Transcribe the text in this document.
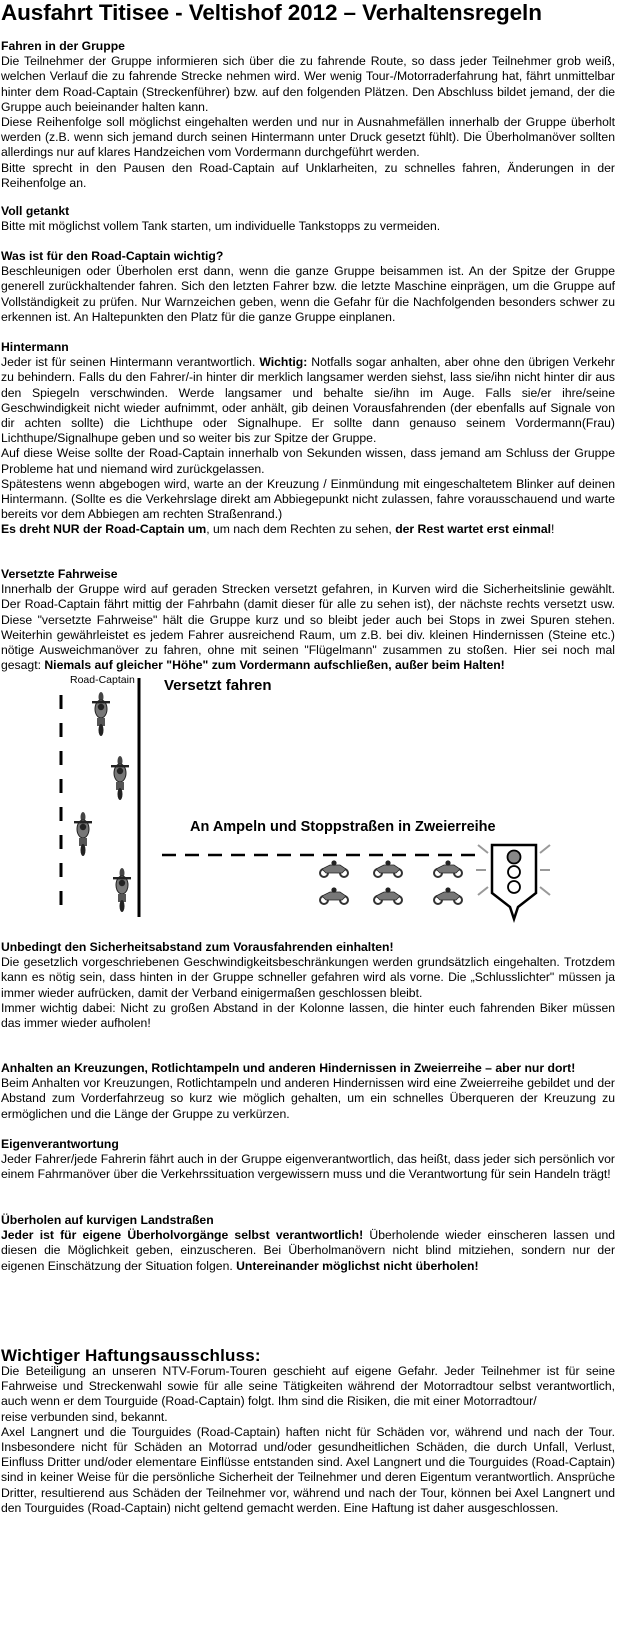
Ausfahrt Titisee - Veltishof 2012 – Verhaltensregeln
Fahren in der Gruppe

Die Teilnehmer der Gruppe informieren sich über die zu fahrende Route, so dass jeder Teilnehmer grob weiß, welchen Verlauf die zu fahrende Strecke nehmen wird. Wer wenig Tour-/Motorraderfahrung hat, fährt unmittelbar hinter dem Road-Captain (Streckenführer) bzw. auf den folgenden Plätzen. Den Abschluss bildet jemand, der die Gruppe auch beieinander halten kann.

Diese Reihenfolge soll möglichst eingehalten werden und nur in Ausnahmefällen innerhalb der Gruppe überholt werden (z.B. wenn sich jemand durch seinen Hintermann unter Druck gesetzt fühlt). Die Überholmanöver sollten allerdings nur auf klares Handzeichen vom Vordermann durchgeführt werden.

Bitte sprecht in den Pausen den Road-Captain auf Unklarheiten, zu schnelles fahren, Änderungen in der Reihenfolge an.

Voll getankt

Bitte mit möglichst vollem Tank starten, um individuelle Tankstopps zu vermeiden.

Was ist für den Road-Captain wichtig?

Beschleunigen oder Überholen erst dann, wenn die ganze Gruppe beisammen ist. An der Spitze der Gruppe generell zurückhaltender fahren. Sich den letzten Fahrer bzw. die letzte Maschine einprägen, um die Gruppe auf Vollständigkeit zu prüfen. Nur Warnzeichen geben, wenn die Gefahr für die Nachfolgenden besonders schwer zu erkennen ist. An Haltepunkten den Platz für die ganze Gruppe einplanen.

Hintermann

Jeder ist für seinen Hintermann verantwortlich. Wichtig: Notfalls sogar anhalten, aber ohne den übrigen Verkehr zu behindern. Falls du den Fahrer/-in hinter dir merklich langsamer werden siehst, lass sie/ihn nicht hinter dir aus den Spiegeln verschwinden. Werde langsamer und behalte sie/ihn im Auge. Falls sie/er ihre/seine Geschwindigkeit nicht wieder aufnimmt, oder anhält, gib deinen Vorausfahrenden (der ebenfalls auf Signale von dir achten sollte) die Lichthupe oder Signalhupe. Er sollte dann genauso seinem Vordermann(Frau) Lichthupe/Signalhupe geben und so weiter bis zur Spitze der Gruppe.

Auf diese Weise sollte der Road-Captain innerhalb von Sekunden wissen, dass jemand am Schluss der Gruppe Probleme hat und niemand wird zurückgelassen.

Spätestens wenn abgebogen wird, warte an der Kreuzung / Einmündung mit eingeschaltetem Blinker auf deinen Hintermann. (Sollte es die Verkehrslage direkt am Abbiegepunkt nicht zulassen, fahre vorausschauend und warte bereits vor dem Abbiegen am rechten Straßenrand.)

Es dreht NUR der Road-Captain um, um nach dem Rechten zu sehen, der Rest wartet erst einmal!

Versetzte Fahrweise

Innerhalb der Gruppe wird auf geraden Strecken versetzt gefahren, in Kurven wird die Sicherheitslinie gewählt. Der Road-Captain fährt mittig der Fahrbahn (damit dieser für alle zu sehen ist), der nächste rechts versetzt usw. Diese "versetzte Fahrweise" hält die Gruppe kurz und so bleibt jeder auch bei Stops in zwei Spuren stehen. Weiterhin gewährleistet es jedem Fahrer ausreichend Raum, um z.B. bei div. kleinen Hindernissen (Steine etc.) nötige Ausweichmanöver zu fahren, ohne mit seinen "Flügelmann" zusammen zu stoßen. Hier sei noch mal gesagt: Niemals auf gleicher "Höhe" zum Vordermann aufschließen, außer beim Halten!

Road-Captain Versetzt fahren
An Ampeln und Stoppstraßen in Zweierreihe
Unbedingt den Sicherheitsabstand zum Vorausfahrenden einhalten!

Die gesetzlich vorgeschriebenen Geschwindigkeitsbeschränkungen werden grundsätzlich eingehalten. Trotzdem kann es nötig sein, dass hinten in der Gruppe schneller gefahren wird als vorne. Die „Schlusslichter" müssen ja immer wieder aufrücken, damit der Verband einigermaßen geschlossen bleibt.

Immer wichtig dabei: Nicht zu großen Abstand in der Kolonne lassen, die hinter euch fahrenden Biker müssen das immer wieder aufholen!

Anhalten an Kreuzungen, Rotlichtampeln und anderen Hindernissen in Zweierreihe – aber nur dort!

Beim Anhalten vor Kreuzungen, Rotlichtampeln und anderen Hindernissen wird eine Zweierreihe gebildet und der Abstand zum Vorderfahrzeug so kurz wie möglich gehalten, um ein schnelles Überqueren der Kreuzung zu ermöglichen und die Länge der Gruppe zu verkürzen.

Eigenverantwortung

Jeder Fahrer/jede Fahrerin fährt auch in der Gruppe eigenverantwortlich, das heißt, dass jeder sich persönlich vor einem Fahrmanöver über die Verkehrssituation vergewissern muss und die Verantwortung für sein Handeln trägt!

Überholen auf kurvigen Landstraßen

Jeder ist für eigene Überholvorgänge selbst verantwortlich! Überholende wieder einscheren lassen und diesen die Möglichkeit geben, einzuscheren. Bei Überholmanövern nicht blind mitziehen, sondern nur der eigenen Einschätzung der Situation folgen. Untereinander möglichst nicht überholen!

Wichtiger Haftungsausschluss:

Die Beteiligung an unseren NTV-Forum-Touren geschieht auf eigene Gefahr. Jeder Teilnehmer ist für seine Fahrweise und Streckenwahl sowie für alle seine Tätigkeiten während der Motorradtour selbst verantwortlich, auch wenn er dem Tourguide (Road-Captain) folgt. Ihm sind die Risiken, die mit einer Motorradtour/

reise verbunden sind, bekannt.

Axel Langnert und die Tourguides (Road-Captain) haften nicht für Schäden vor, während und nach der Tour. Insbesondere nicht für Schäden an Motorrad und/oder gesundheitlichen Schäden, die durch Unfall, Verlust, Einfluss Dritter und/oder elementare Einflüsse entstanden sind. Axel Langnert und die Tourguides (Road-Captain) sind in keiner Weise für die persönliche Sicherheit der Teilnehmer und deren Eigentum verantwortlich. Ansprüche Dritter, resultierend aus Schäden der Teilnehmer vor, während und nach der Tour, können bei Axel Langnert und den Tourguides (Road-Captain) nicht geltend gemacht werden. Eine Haftung ist daher ausgeschlossen.
